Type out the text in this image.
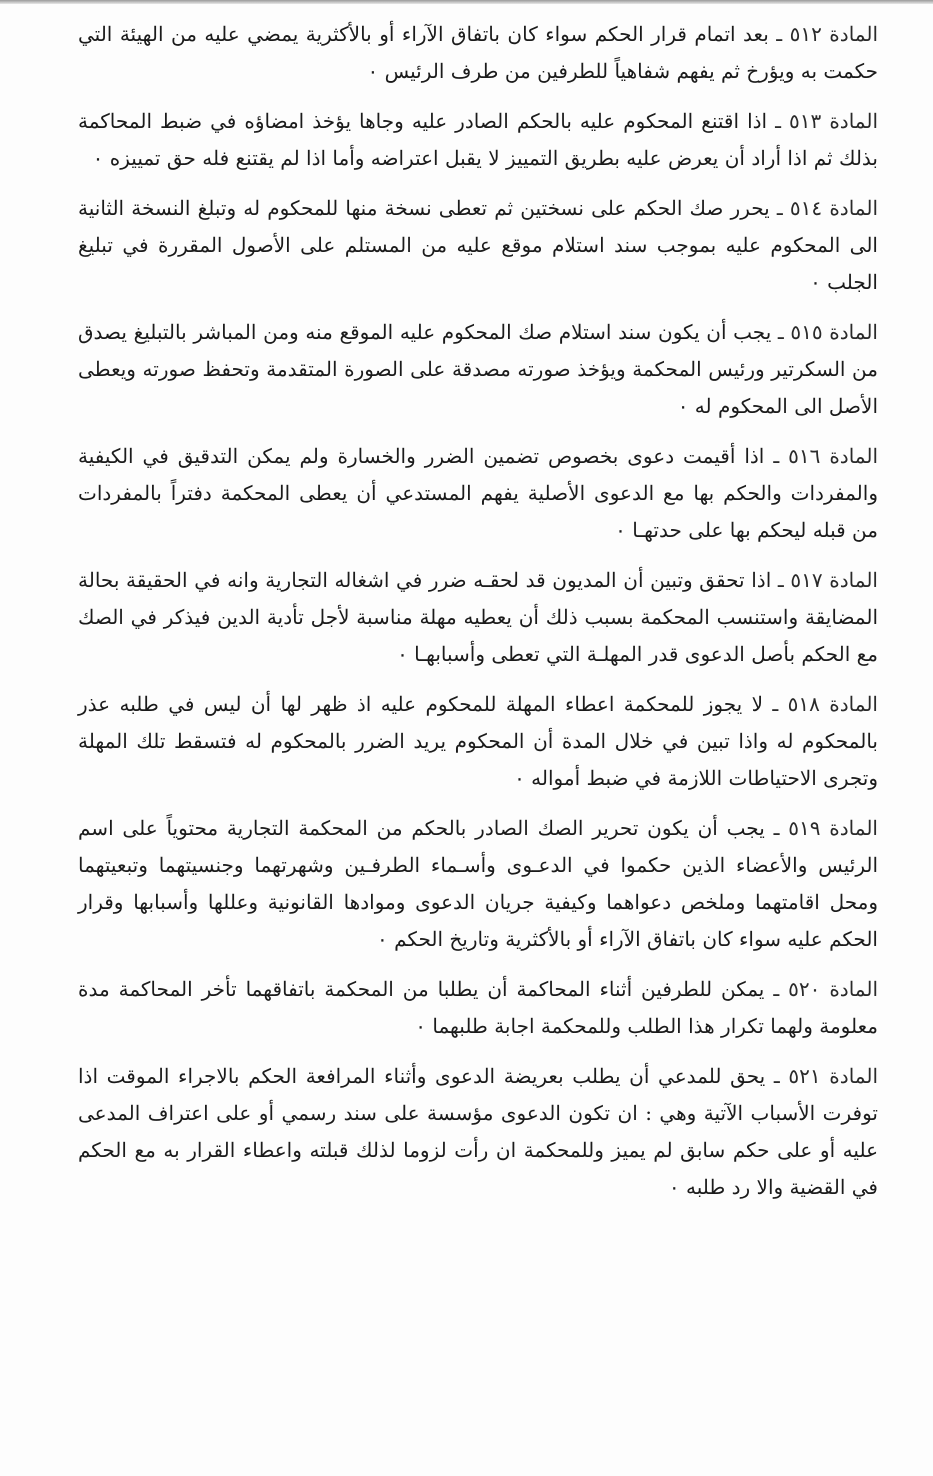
المادة ٥١٢ ـ بعد اتمام قرار الحكم سواء كان باتفاق الآراء أو بالأكثرية يمضي عليه من الهيئة التي حكمت به ويؤرخ ثم يفهم شفاهياً للطرفين من طرف الرئيس ٠

المادة ٥١٣ ـ اذا اقتنع المحكوم عليه بالحكم الصادر عليه وجاها يؤخذ امضاؤه في ضبط المحاكمة بذلك ثم اذا أراد أن يعرض عليه بطريق التمييز لا يقبل اعتراضه وأما اذا لم يقتنع فله حق تمييزه ٠

المادة ٥١٤ ـ يحرر صك الحكم على نسختين ثم تعطى نسخة منها للمحكوم له وتبلغ النسخة الثانية الى المحكوم عليه بموجب سند استلام موقع عليه من المستلم على الأصول المقررة في تبليغ الجلب ٠

المادة ٥١٥ ـ يجب أن يكون سند استلام صك المحكوم عليه الموقع منه ومن المباشر بالتبليغ يصدق من السكرتير ورئيس المحكمة ويؤخذ صورته مصدقة على الصورة المتقدمة وتحفظ صورته ويعطى الأصل الى المحكوم له ٠

المادة ٥١٦ ـ اذا أقيمت دعوى بخصوص تضمين الضرر والخسارة ولم يمكن التدقيق في الكيفية والمفردات والحكم بها مع الدعوى الأصلية يفهم المستدعي أن يعطى المحكمة دفتراً بالمفردات من قبله ليحكم بها على حدتهـا ٠

المادة ٥١٧ ـ اذا تحقق وتبين أن المديون قد لحقـه ضرر في اشغاله التجارية وانه في الحقيقة بحالة المضايقة واستنسب المحكمة بسبب ذلك أن يعطيه مهلة مناسبة لأجل تأدية الدين فيذكر في الصك مع الحكم بأصل الدعوى قدر المهلـة التي تعطى وأسبابهـا ٠

المادة ٥١٨ ـ لا يجوز للمحكمة اعطاء المهلة للمحكوم عليه اذ ظهر لها أن ليس في طلبه عذر بالمحكوم له واذا تبين في خلال المدة أن المحكوم يريد الضرر بالمحكوم له فتسقط تلك المهلة وتجرى الاحتياطات اللازمة في ضبط أمواله ٠

المادة ٥١٩ ـ يجب أن يكون تحرير الصك الصادر بالحكم من المحكمة التجارية محتوياً على اسم الرئيس والأعضاء الذين حكموا في الدعـوى وأسـماء الطرفـين وشهرتهما وجنسيتهما وتبعيتهما ومحل اقامتهما وملخص دعواهما وكيفية جريان الدعوى وموادها القانونية وعللها وأسبابها وقرار الحكم عليه سواء كان باتفاق الآراء أو بالأكثرية وتاريخ الحكم ٠

المادة ٥٢٠ ـ يمكن للطرفين أثناء المحاكمة أن يطلبا من المحكمة باتفاقهما تأخر المحاكمة مدة معلومة ولهما تكرار هذا الطلب وللمحكمة اجابة طلبهما ٠

المادة ٥٢١ ـ يحق للمدعي أن يطلب بعريضة الدعوى وأثناء المرافعة الحكم بالاجراء الموقت اذا توفرت الأسباب الآتية وهي : ان تكون الدعوى مؤسسة على سند رسمي أو على اعتراف المدعى عليه أو على حكم سابق لم يميز وللمحكمة ان رأت لزوما لذلك قبلته واعطاء القرار به مع الحكم في القضية والا رد طلبه ٠
